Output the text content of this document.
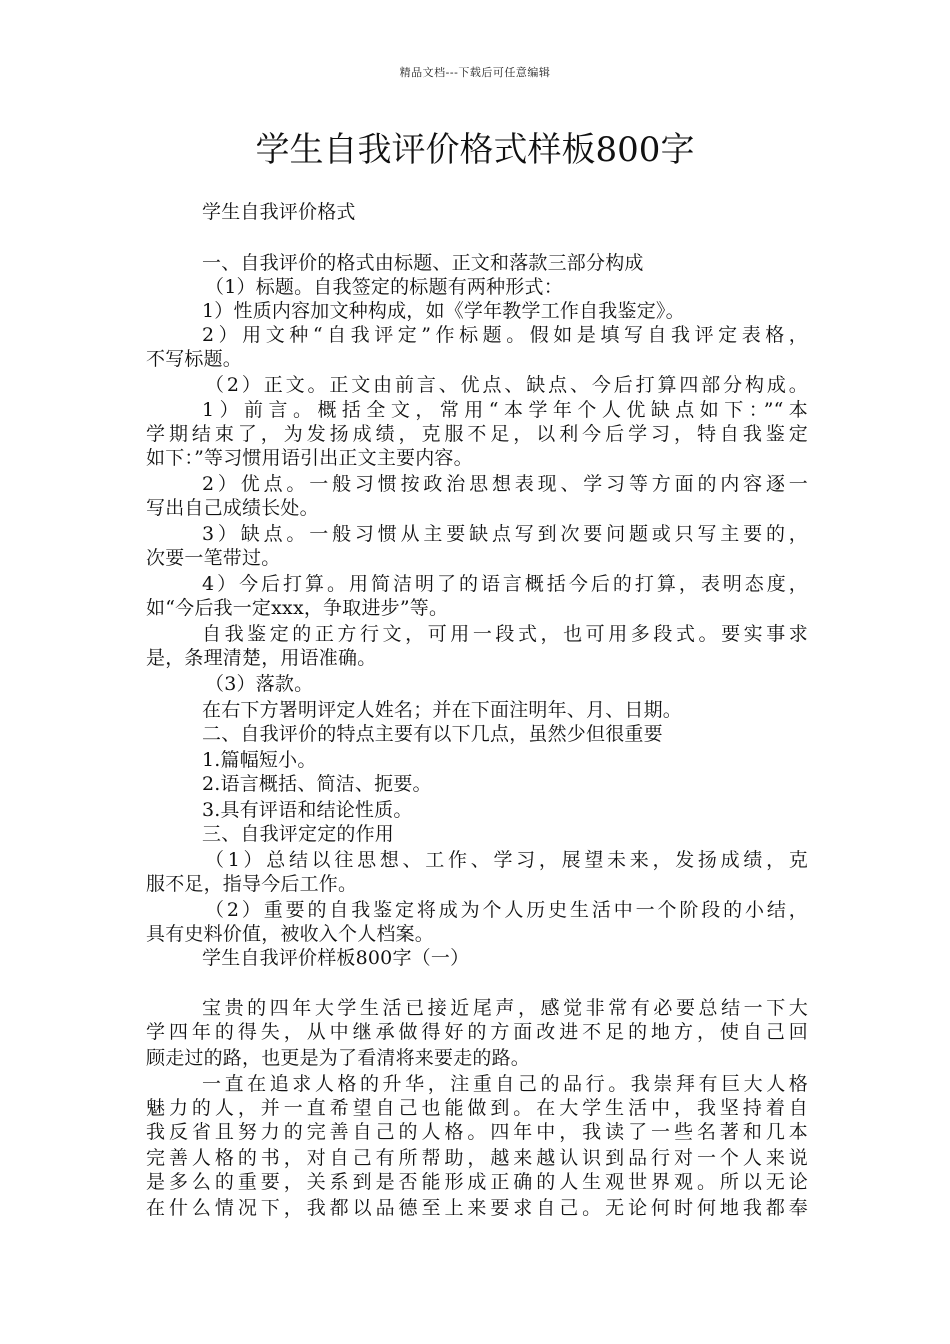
精品文档---下载后可任意编辑
学生自我评价格式样板800字
学生自我评价格式
一、自我评价的格式由标题、正文和落款三部分构成
（1）标题。自我签定的标题有两种形式：
1）性质内容加文种构成，如《学年教学工作自我鉴定》。
2）用文种“自我评定”作标题。假如是填写自我评定表格，
不写标题。
（2）正文。正文由前言、优点、缺点、今后打算四部分构成。
1）前言。概括全文，常用“本学年个人优缺点如下：”“本
学期结束了，为发扬成绩，克服不足，以利今后学习，特自我鉴定
如下：”等习惯用语引出正文主要内容。
2）优点。一般习惯按政治思想表现、学习等方面的内容逐一
写出自己成绩长处。
3）缺点。一般习惯从主要缺点写到次要问题或只写主要的，
次要一笔带过。
4）今后打算。用简洁明了的语言概括今后的打算，表明态度，
如“今后我一定xxx，争取进步”等。
自我鉴定的正方行文，可用一段式，也可用多段式。要实事求
是，条理清楚，用语准确。
（3）落款。
在右下方署明评定人姓名；并在下面注明年、月、日期。
二、自我评价的特点主要有以下几点，虽然少但很重要
1.篇幅短小。
2.语言概括、简洁、扼要。
3.具有评语和结论性质。
三、自我评定定的作用
（1）总结以往思想、工作、学习，展望未来，发扬成绩，克
服不足，指导今后工作。
（2）重要的自我鉴定将成为个人历史生活中一个阶段的小结，
具有史料价值，被收入个人档案。
学生自我评价样板800字（一）
宝贵的四年大学生活已接近尾声，感觉非常有必要总结一下大
学四年的得失，从中继承做得好的方面改进不足的地方，使自己回
顾走过的路，也更是为了看清将来要走的路。
一直在追求人格的升华，注重自己的品行。我崇拜有巨大人格
魅力的人，并一直希望自己也能做到。在大学生活中，我坚持着自
我反省且努力的完善自己的人格。四年中，我读了一些名著和几本
完善人格的书，对自己有所帮助，越来越认识到品行对一个人来说
是多么的重要，关系到是否能形成正确的人生观世界观。所以无论
在什么情况下，我都以品德至上来要求自己。无论何时何地我都奉
